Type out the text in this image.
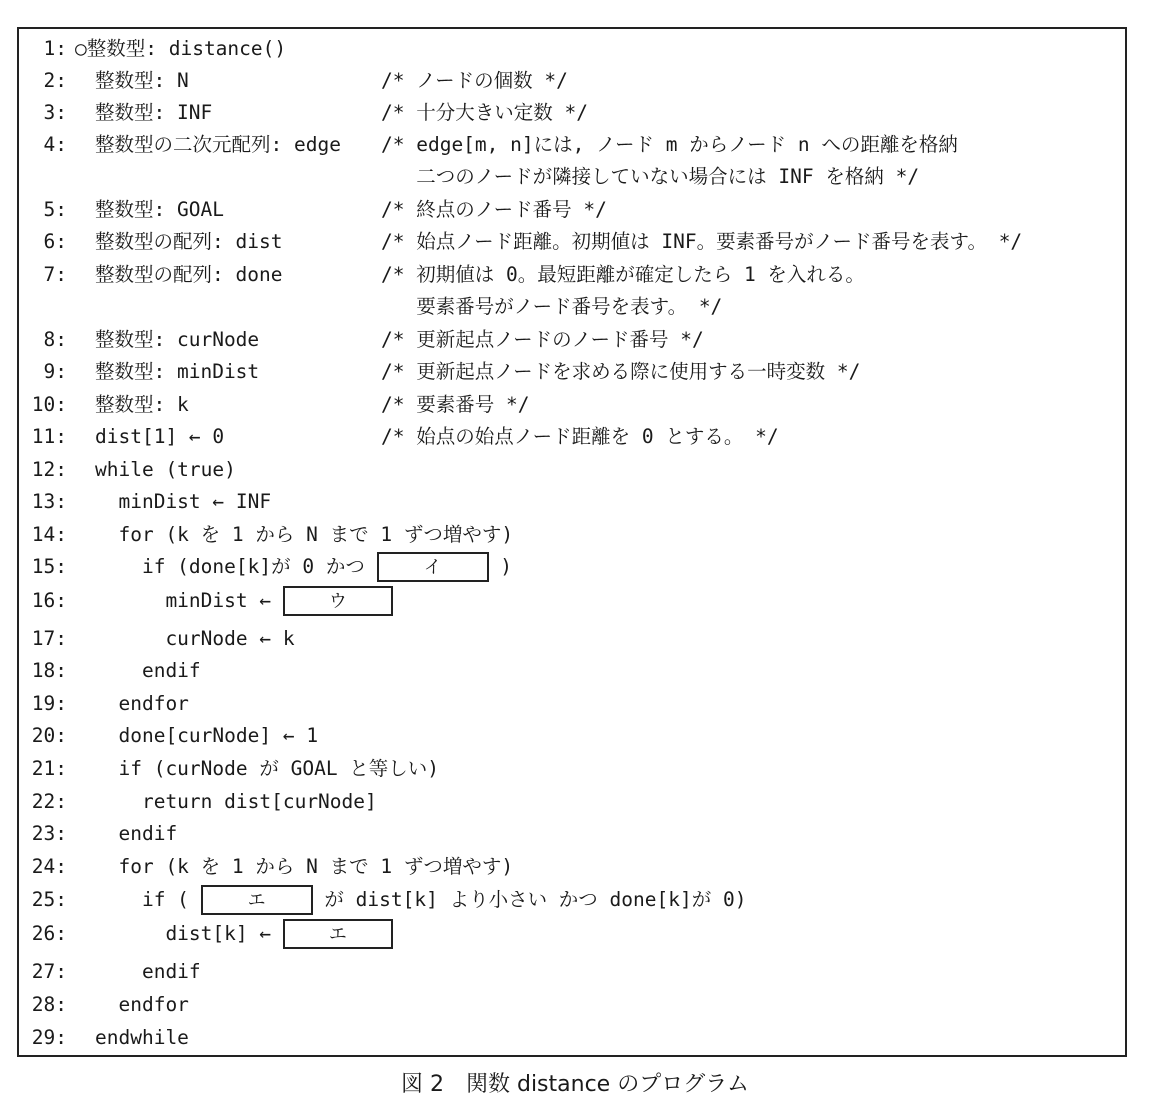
1: ○整数型: distance()
2: 整数型: N	/* ノードの個数 */
3: 整数型: INF	/* 十分大きい定数 */
4: 整数型の二次元配列: edge /* edge[m, n]には, ノード m からノード n への距離を格納
二つのノードが隣接していない場合には INF を格納 */
5: 整数型: GOAL	/* 終点のノード番号 */
6: 整数型の配列: dist	/* 始点ノード距離。初期値は INF。要素番号がノード番号を表す。 */
7: 整数型の配列: done	/* 初期値は 0。最短距離が確定したら 1 を入れる。
要素番号がノード番号を表す。 */
8: 整数型: curNode	/* 更新起点ノードのノード番号 */
9: 整数型: minDist	/* 更新起点ノードを求める際に使用する一時変数 */
10: 整数型: k	/* 要素番号 */
11: dist[1] ← 0	/* 始点の始点ノード距離を 0 とする。 */
12: while (true)
13: minDist ← INF
14: for (k を 1 から N まで 1 ずつ増やす)
15: if (done[k]が 0 かつ	イ )
16: minDist ←	ウ
17: curNode ← k
18: endif
19: endfor
20: done[curNode] ← 1
21: if (curNode が GOAL と等しい)
22: return dist[curNode]
23: endif
24: for (k を 1 から N まで 1 ずつ増やす)
25: if (	エ が dist[k] より小さい かつ done[k]が 0)
26: dist[k] ←	エ
27: endif
28: endfor
29: endwhile
図 2　関数 distance のプログラム
